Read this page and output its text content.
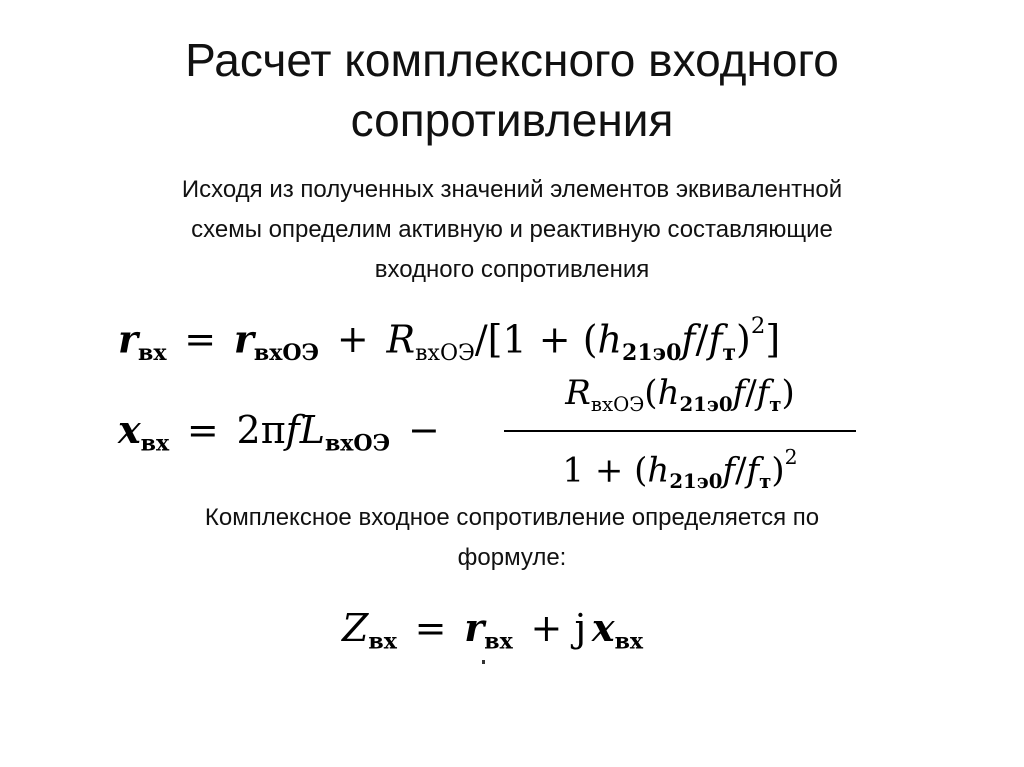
Расчет комплексного входного
сопротивления
Исходя из полученных значений элементов эквивалентной
схемы определим активную и реактивную составляющие
входного сопротивления
$r_{вх} = r_{вхОЭ} + R_{вхОЭ}/[1 + (h_{21э0}f/f_т)^2]$
$x_{вх} = 2\pi fL_{вхОЭ}$ −
$R_{вхОЭ}(h_{21э0}f/f_т)$
$1 + (h_{21э0}f/f_т)^2$
Комплексное входное сопротивление определяется по
формуле:
$Z_{вх} = r_{вх} + j$ $x_{вх}$
